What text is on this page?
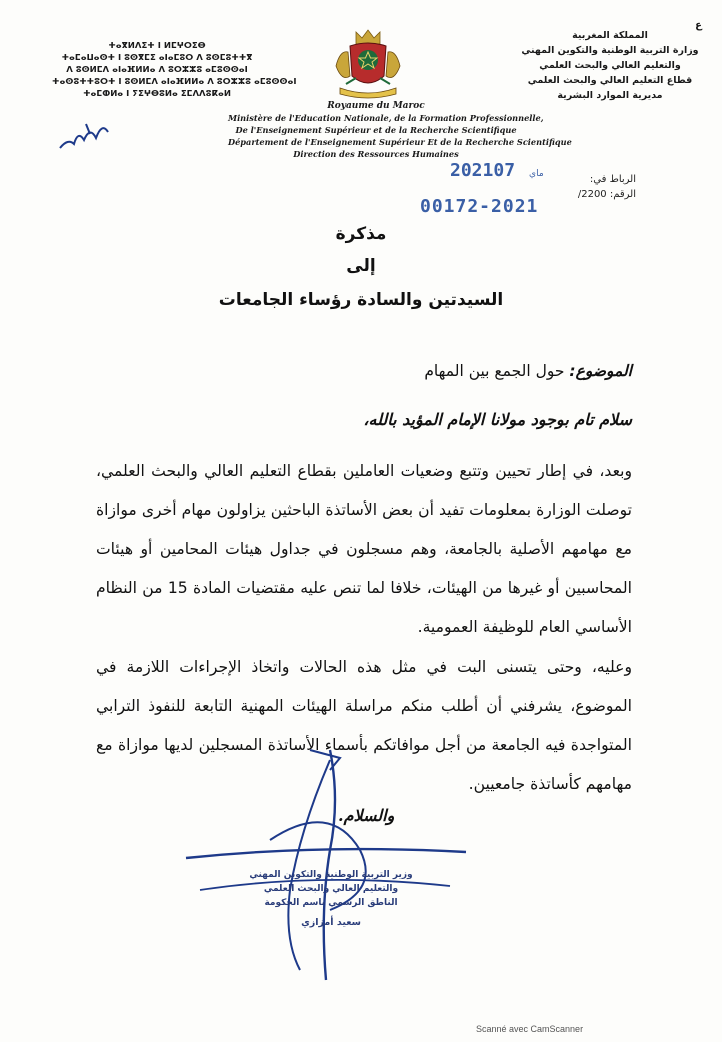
ⵜⴰⴳⵍⴷⵉⵜ ⵏ ⵍⵎⵖⵔⵉⴱ
ⵜⴰⵎⴰⵡⴰⵙⵜ ⵏ ⵓⵙⴳⵎⵉ ⴰⵏⴰⵎⵓⵔ ⴷ ⵓⵙⵎⵓⵜⵜⴳ
ⴷ ⵓⵙⵍⵎⴷ ⴰⵏⴰⴼⵍⵍⴰ ⴷ ⵓⵔⵣⵣⵓ ⴰⵎⵓⵙⵙⴰⵏ
ⵜⴰⵙⵓⵜⵜⵓⵔⵜ ⵏ ⵓⵙⵍⵎⴷ ⴰⵏⴰⴼⵍⵍⴰ ⴷ ⵓⵔⵣⵣⵓ ⴰⵎⵓⵙⵙⴰⵏ
ⵜⴰⵎⵀⵍⴰ ⵏ ⵢⵉⵖⴱⵓⵍⴰ ⵉⵎⴷⴷⵓⴽⴰⵍ
ع
المملكة المغربية
وزارة التربية الوطنية والتكوين المهني
والتعليم العالي والبحث العلمي
قطاع التعليم العالي والبحث العلمي
مديرية الموارد البشرية
Royaume du Maroc
Ministère de l'Education Nationale, de la Formation Professionnelle,
De l'Enseignement Supérieur et de la Recherche Scientifique
Département de l'Enseignement Supérieur Et de la Recherche Scientifique
Direction des Ressources Humaines
الرباط في:
الرقم: 2200/
2021	ماي07
00172-2021
مذكرة
إلى
السيدتين والسادة رؤساء الجامعات
الموضوع: حول الجمع بين المهام
سلام تام بوجود مولانا الإمام المؤيد بالله،
وبعد، في إطار تحيين وتتبع وضعيات العاملين بقطاع التعليم العالي والبحث العلمي، توصلت الوزارة بمعلومات تفيد أن بعض الأساتذة الباحثين يزاولون مهام أخرى موازاة مع مهامهم الأصلية بالجامعة، وهم مسجلون في جداول هيئات المحامين أو هيئات المحاسبين أو غيرها من الهيئات، خلافا لما تنص عليه مقتضيات المادة 15 من النظام الأساسي العام للوظيفة العمومية.
وعليه، وحتى يتسنى البت في مثل هذه الحالات واتخاذ الإجراءات اللازمة في الموضوع، يشرفني أن أطلب منكم مراسلة الهيئات المهنية التابعة للنفوذ الترابي المتواجدة فيه الجامعة من أجل موافاتكم بأسماء الأساتذة المسجلين لديها موازاة مع مهامهم كأساتذة جامعيين.
والسلام.
وزير التربية الوطنية والتكوين المهني
والتعليم العالي والبحث العلمي
الناطق الرسمي باسم الحكومة
سعيد أمزازي
Scanné avec CamScanner
